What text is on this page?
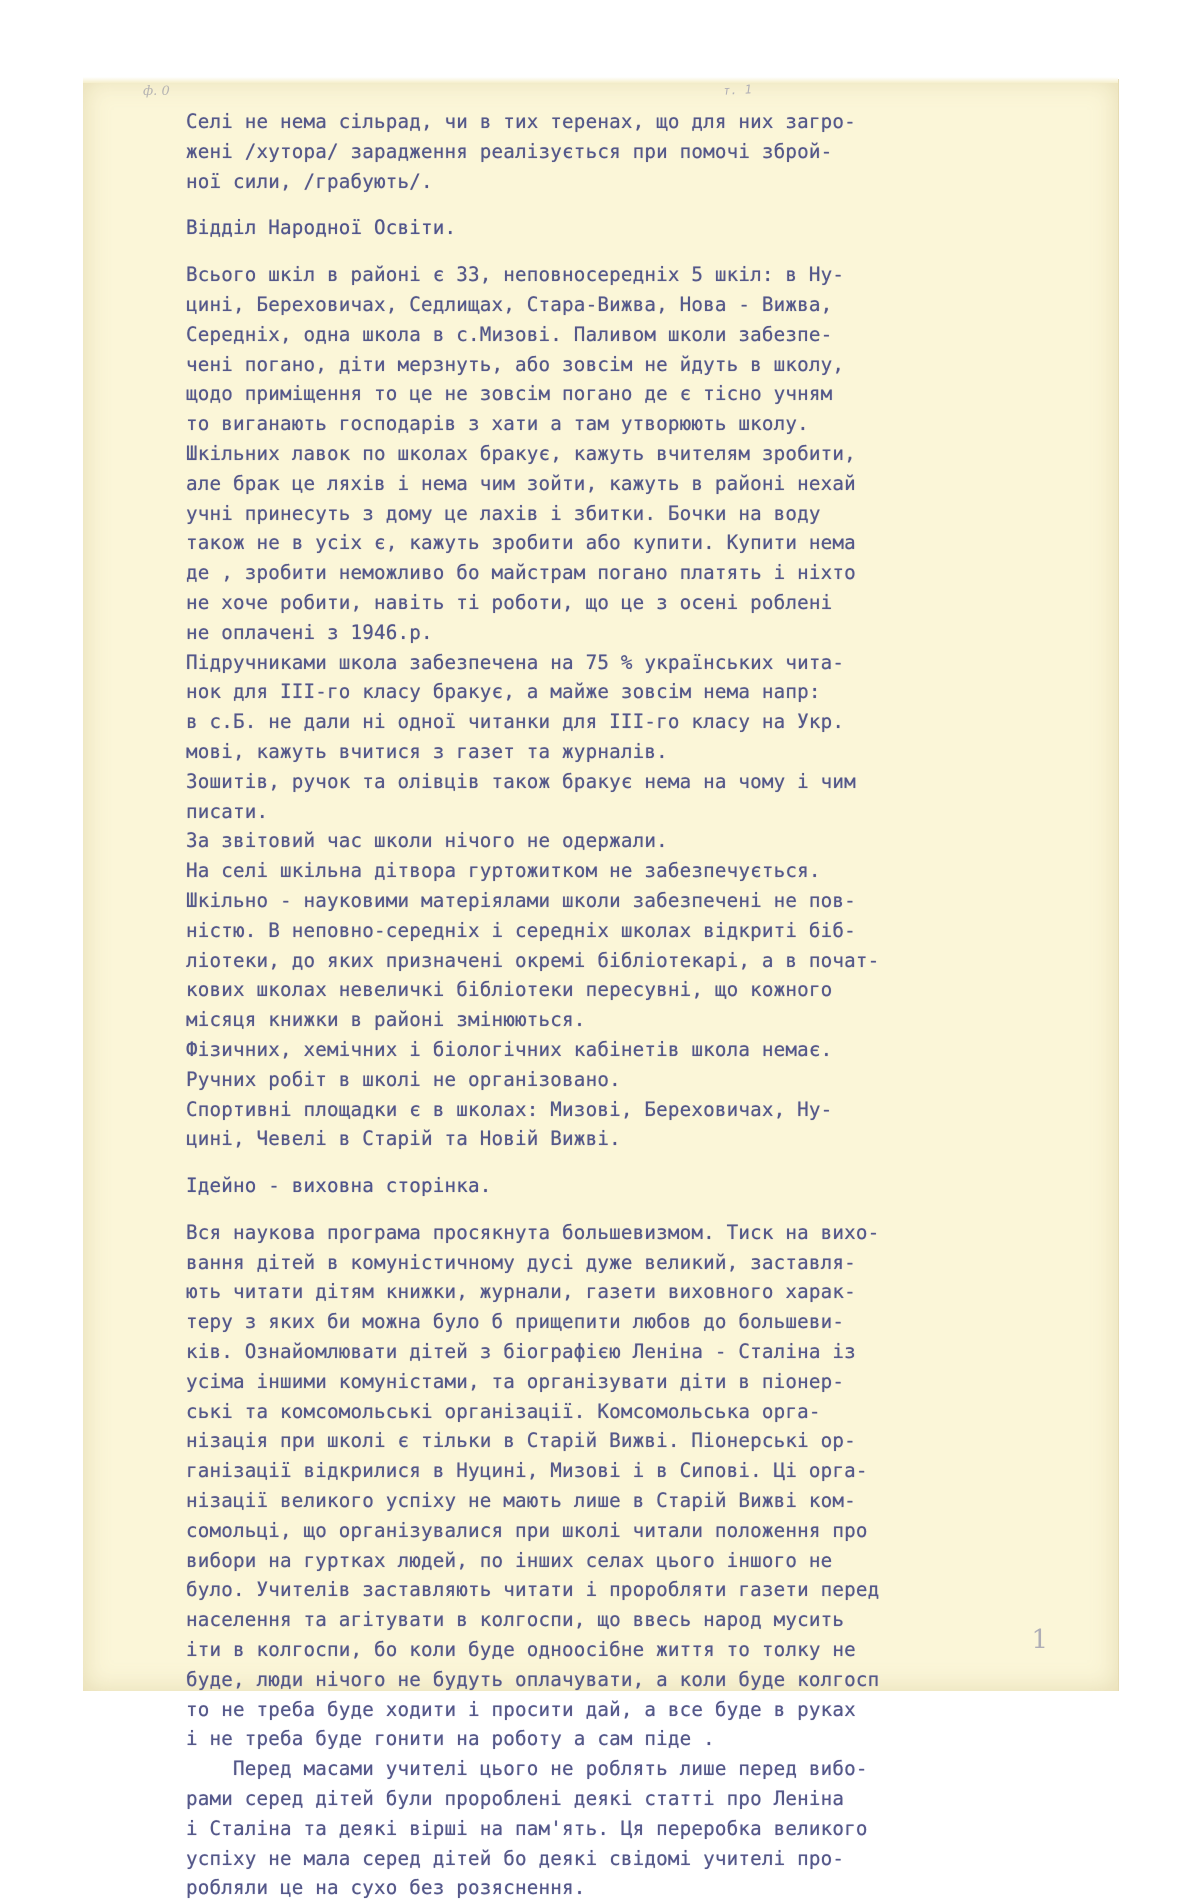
ф. 0	т. 1
Селі не нема сільрад, чи в тих теренах, що для них загро-
жені /хутора/ зарадження реалізується при помочі зброй-
ної сили, /грабують/.
Відділ Народної Освіти.
Всього шкіл в районі є 33, неповносередніх 5 шкіл: в Ну-
цині, Береховичах, Седлищах, Стара-Вижва, Нова - Вижва,
Середніх, одна школа в с.Мизові. Паливом школи забезпе-
чені погано, діти мерзнуть, або зовсім не йдуть в школу,
щодо приміщення то це не зовсім погано де є тісно учням
то виганають господарів з хати а там утворюють школу.
Шкільних лавок по школах бракує, кажуть вчителям зробити,
але брак це ляхів і нема чим зойти, кажуть в районі нехай
учні принесуть з дому це лахів і збитки. Бочки на воду
також не в усіх є, кажуть зробити або купити. Купити нема
де , зробити неможливо бо майстрам погано платять і ніхто
не хоче робити, навіть ті роботи, що це з осені роблені
не оплачені з 1946.р.
Підручниками школа забезпечена на 75 % українських чита-
нок для III-го класу бракує, а майже зовсім нема напр:
в с.Б. не дали ні одної читанки для III-го класу на Укр.
мові, кажуть вчитися з газет та журналів.
Зошитів, ручок та олівців також бракує нема на чому і чим
писати.
За звітовий час школи нічого не одержали.
На селі шкільна дітвора гуртожитком не забезпечується.
Шкільно - науковими матеріялами школи забезпечені не пов-
ністю. В неповно-середніх і середніх школах відкриті біб-
ліотеки, до яких призначені окремі бібліотекарі, а в почат-
кових школах невеличкі бібліотеки пересувні, що кожного
місяця книжки в районі змінюються.
Фізичних, хемічних і біологічних кабінетів школа немає.
Ручних робіт в школі не організовано.
Спортивні площадки є в школах: Мизові, Береховичах, Ну-
цині, Чевелі в Старій та Новій Вижві.
Ідейно - виховна сторінка.
Вся наукова програма просякнута большевизмом. Тиск на вихо-
вання дітей в комуністичному дусі дуже великий, заставля-
ють читати дітям книжки, журнали, газети виховного харак-
теру з яких би можна було б прищепити любов до большеви-
ків. Ознайомлювати дітей з біографією Леніна - Сталіна із
усіма іншими комуністами, та організувати діти в піонер-
ські та комсомольські організації. Комсомольська орга-
нізація при школі є тільки в Старій Вижві. Піонерські ор-
ганізації відкрилися в Нуцині, Мизові і в Сипові. Ці орга-
нізації великого успіху не мають лише в Старій Вижві ком-
сомольці, що організувалися при школі читали положення про
вибори на гуртках людей, по інших селах цього іншого не
було. Учителів заставляють читати і проробляти газети перед
населення та агітувати в колгоспи, що ввесь народ мусить
іти в колгоспи, бо коли буде одноосібне життя то толку не
буде, люди нічого не будуть оплачувати, а коли буде колгосп
то не треба буде ходити і просити дай, а все буде в руках
і не треба буде гонити на роботу а сам піде .
Перед масами учителі цього не роблять лише перед вибо-
рами серед дітей були пророблені деякі статті про Леніна
і Сталіна та деякі вірші на пам'ять. Ця переробка великого
успіху не мала серед дітей бо деякі свідомі учителі про-
робляли це на сухо без розяснення.
1
